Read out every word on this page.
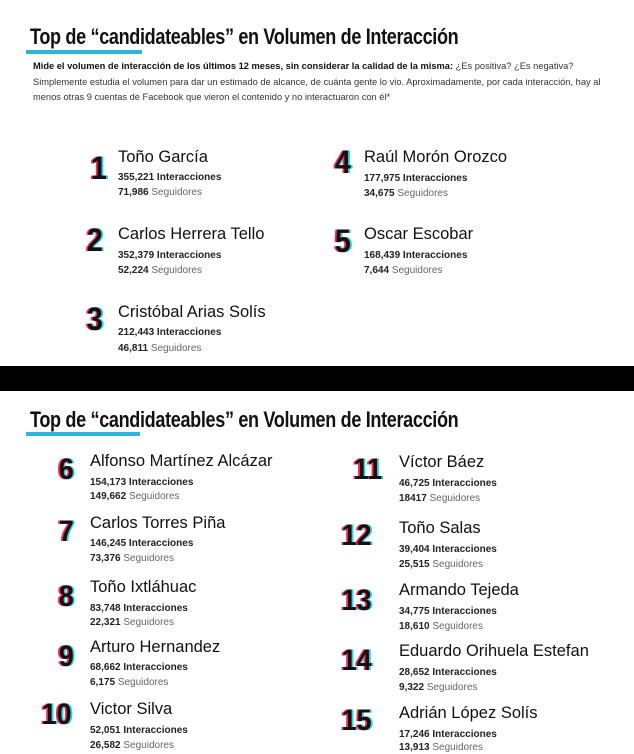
Top de “candidateables” en Volumen de Interacción
Mide el volumen de interacción de los últimos 12 meses, sin considerar la calidad de la misma: ¿Es positiva? ¿Es negativa? Simplemente estudia el volumen para dar un estimado de alcance, de cuánta gente lo vio. Aproximadamente, por cada interacción, hay al menos otras 9 cuentas de Facebook que vieron el contenido y no interactuaron con él*
1 Toño García
355,221 Interacciones
71,986 Seguidores
2 Carlos Herrera Tello
352,379 Interacciones
52,224 Seguidores
3 Cristóbal Arias Solís
212,443 Interacciones
46,811 Seguidores
4 Raúl Morón Orozco
177,975 Interacciones
34,675 Seguidores
5 Oscar Escobar
168,439 Interacciones
7,644 Seguidores
Top de “candidateables” en Volumen de Interacción
6 Alfonso Martínez Alcázar
154,173 Interacciones
149,662 Seguidores
7 Carlos Torres Piña
146,245 Interacciones
73,376 Seguidores
8 Toño Ixtláhuac
83,748 Interacciones
22,321 Seguidores
9 Arturo Hernandez
68,662 Interacciones
6,175 Seguidores
10 Victor Silva
52,051 Interacciones
26,582 Seguidores
11 Víctor Báez
46,725 Interacciones
18417 Seguidores
12 Toño Salas
39,404 Interacciones
25,515 Seguidores
13 Armando Tejeda
34,775 Interacciones
18,610 Seguidores
14 Eduardo Orihuela Estefan
28,652 Interacciones
9,322 Seguidores
15 Adrián López Solís
17,246 Interacciones
13,913 Seguidores
